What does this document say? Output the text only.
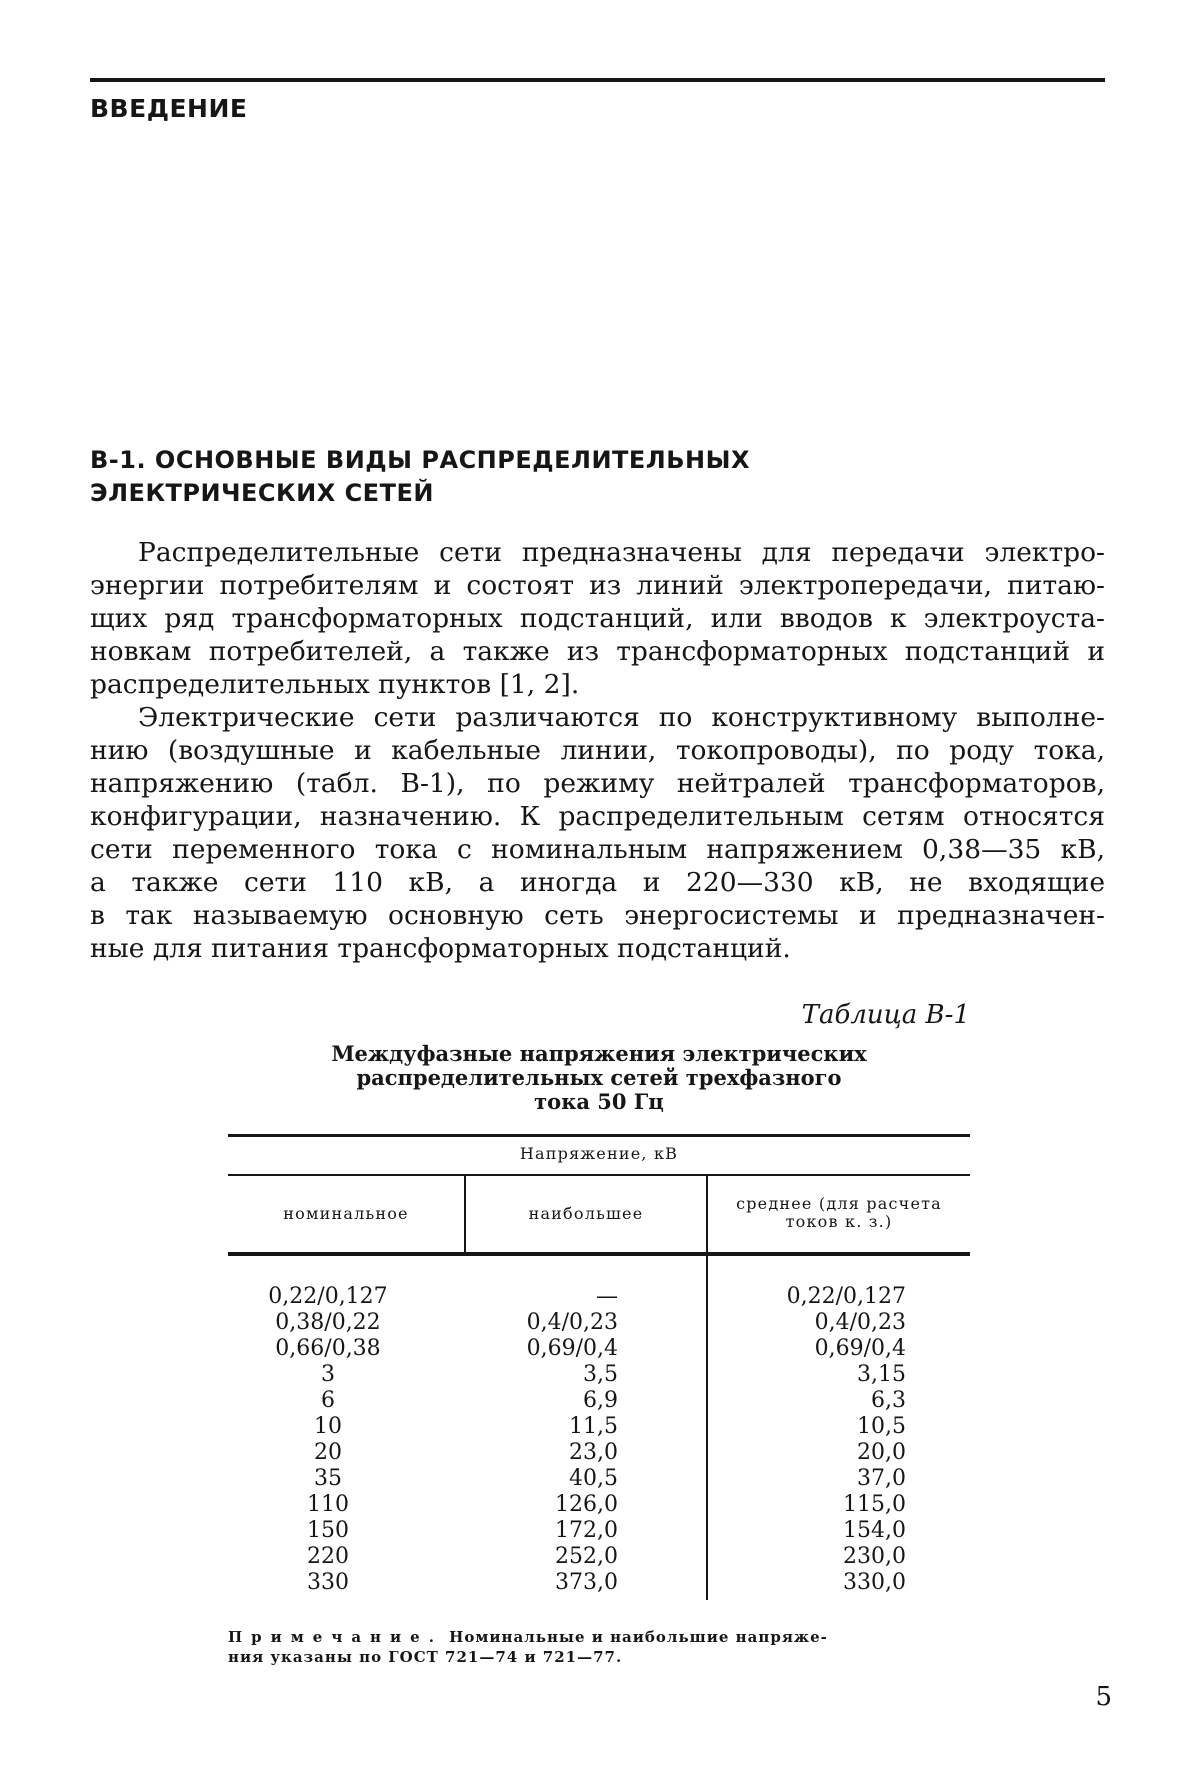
ВВЕДЕНИЕ
В-1. ОСНОВНЫЕ ВИДЫ РАСПРЕДЕЛИТЕЛЬНЫХ
ЭЛЕКТРИЧЕСКИХ СЕТЕЙ
Распределительные сети предназначены для передачи электро-
энергии потребителям и состоят из линий электропередачи, питаю-
щих ряд трансформаторных подстанций, или вводов к электроуста-
новкам потребителей, а также из трансформаторных подстанций и
распределительных пунктов [1, 2].
Электрические сети различаются по конструктивному выполне-
нию (воздушные и кабельные линии, токопроводы), по роду тока,
напряжению (табл. В-1), по режиму нейтралей трансформаторов,
конфигурации, назначению. К распределительным сетям относятся
сети переменного тока с номинальным напряжением 0,38—35 кВ,
а также сети 110 кВ, а иногда и 220—330 кВ, не входящие
в так называемую основную сеть энергосистемы и предназначен-
ные для питания трансформаторных подстанций.
Таблица В-1
Междуфазные напряжения электрических
распределительных сетей трехфазного
тока 50 Гц
Напряжение, кВ
номинальное	наибольшее
среднее (для расчета
токов к. з.)
0,22/0,127
0,38/0,22
0,66/0,38
3
6
10
20
35
110
150
220
330
—
0,4/0,23
0,69/0,4
3,5
6,9
11,5
23,0
40,5
126,0
172,0
252,0
373,0
0,22/0,127
0,4/0,23
0,69/0,4
3,15
6,3
10,5
20,0
37,0
115,0
154,0
230,0
330,0
Примечание. Номинальные и наибольшие напряже-
ния указаны по ГОСТ 721—74 и 721—77.
5
